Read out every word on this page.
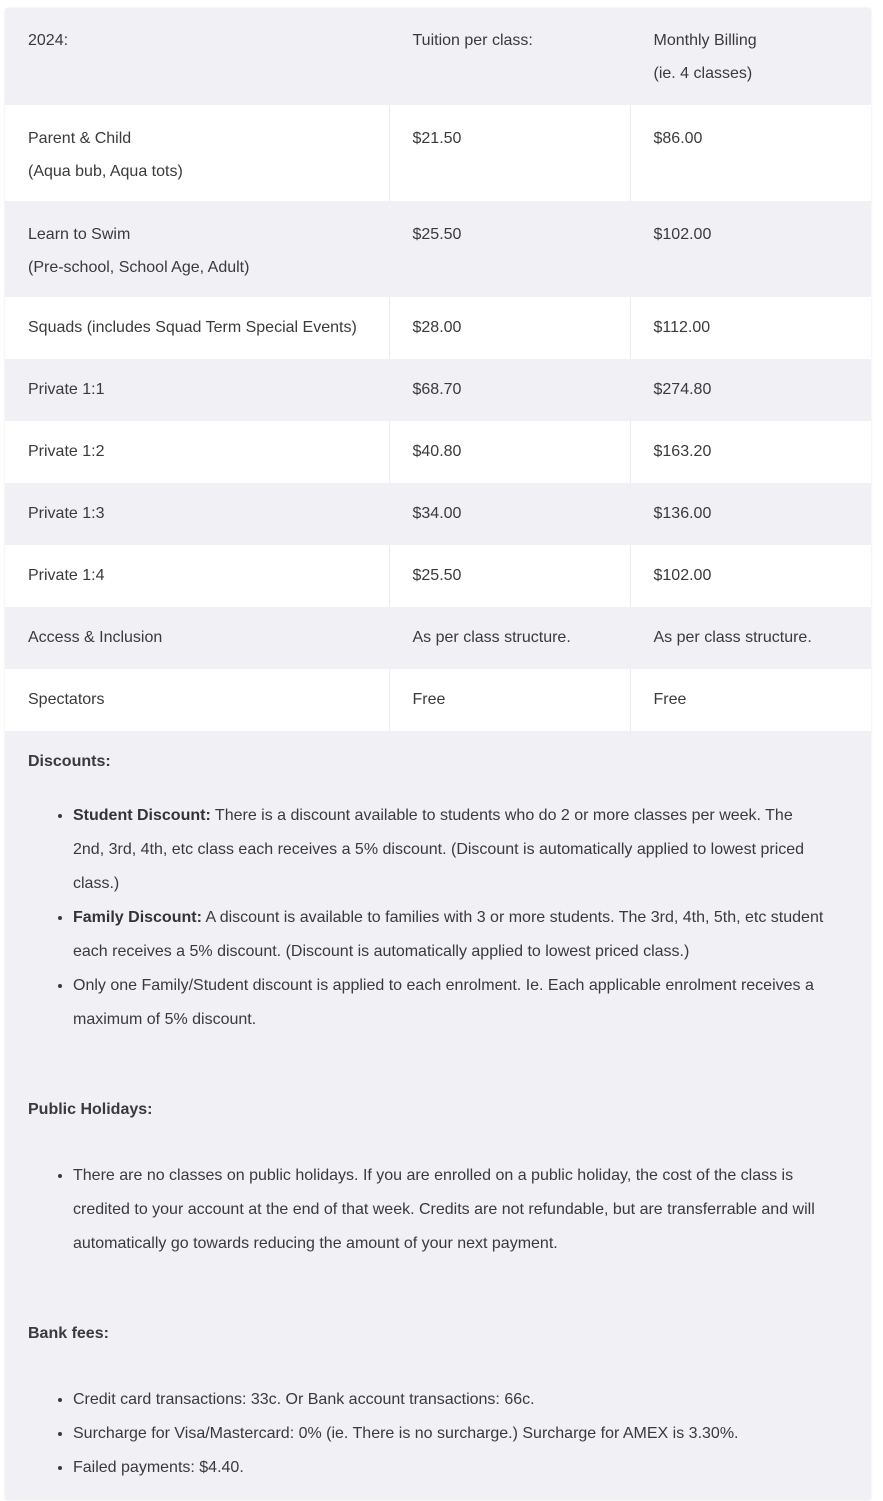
2024:	Tuition per class:	Monthly Billing
(ie. 4 classes)

Parent & Child
(Aqua bub, Aqua tots)	$21.50	$86.00

Learn to Swim
(Pre-school, School Age, Adult)	$25.50	$102.00
Squads (includes Squad Term Special Events)	$28.00	$112.00
Private 1:1	$68.70	$274.80
Private 1:2	$40.80	$163.20
Private 1:3	$34.00	$136.00
Private 1:4	$25.50	$102.00
Access & Inclusion	As per class structure.	As per class structure.
Spectators	Free	Free

Discounts:

• Student Discount: There is a discount available to students who do 2 or more classes per week. The 2nd, 3rd, 4th, etc class each receives a 5% discount. (Discount is automatically applied to lowest priced class.)
• Family Discount: A discount is available to families with 3 or more students. The 3rd, 4th, 5th, etc student each receives a 5% discount. (Discount is automatically applied to lowest priced class.)
• Only one Family/Student discount is applied to each enrolment. Ie. Each applicable enrolment receives a maximum of 5% discount.

Public Holidays:

• There are no classes on public holidays. If you are enrolled on a public holiday, the cost of the class is credited to your account at the end of that week. Credits are not refundable, but are transferrable and will automatically go towards reducing the amount of your next payment.

Bank fees:

• Credit card transactions: 33c. Or Bank account transactions: 66c.
• Surcharge for Visa/Mastercard: 0% (ie. There is no surcharge.) Surcharge for AMEX is 3.30%.
• Failed payments: $4.40.
